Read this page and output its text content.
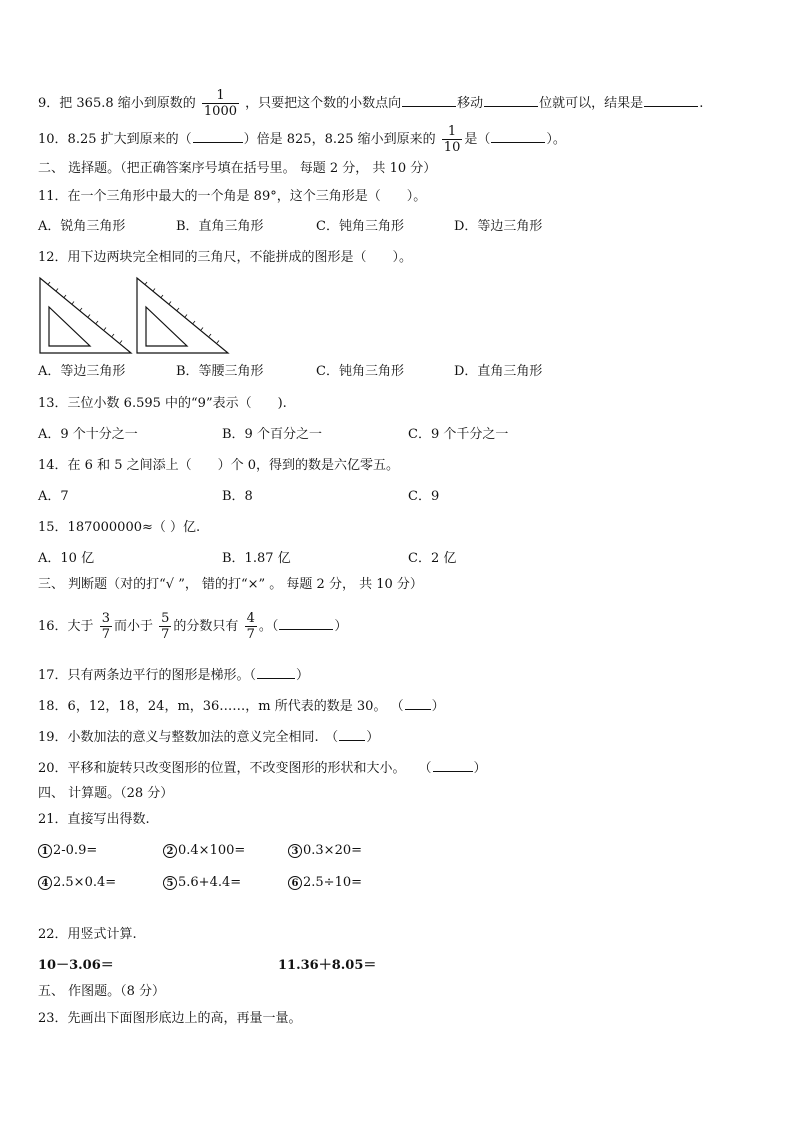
9．把 365.8 缩小到原数的 $\frac{1}{1000}$ ，只要把这个数的小数点向	移动	位就可以，结果是	.
10．8.25 扩大到原来的（	）倍是 825，8.25 缩小到原来的 $\frac{1}{10}$ 是（	）。
二、 选择题。（把正确答案序号填在括号里。 每题 2 分， 共 10 分）
11．在一个三角形中最大的一个角是 89°，这个三角形是（　　）。
A．锐角三角形	B．直角三角形	C．钝角三角形	D．等边三角形
12．用下边两块完全相同的三角尺，不能拼成的图形是（　　）。
A．等边三角形	B．等腰三角形	C．钝角三角形	D．直角三角形
13．三位小数 6.595 中的“9”表示（　　).
A．9 个十分之一	B．9 个百分之一	C．9 个千分之一
14．在 6 和 5 之间添上（　　）个 0，得到的数是六亿零五。
A．7	B．8	C．9
15．187000000≈（ ）亿.
A．10 亿	B．1.87 亿	C．2 亿
三、 判断题（对的打“√ ”， 错的打“×” 。 每题 2 分， 共 10 分）
16．大于 $\frac{3}{7}$ 而小于 $\frac{5}{7}$ 的分数只有 $\frac{4}{7}$ 。（	）
17．只有两条边平行的图形是梯形。（	）
18．6，12，18，24，m，36……，m 所代表的数是 30。 （ ）
19．小数加法的意义与整数加法的意义完全相同.　（ ）
20．平移和旋转只改变图形的位置，不改变图形的形状和大小。　　（	）
四、 计算题。（28 分）
21．直接写出得数.
1 2-0.9=	2 0.4×100=	3 0.3×20=
4 2.5×0.4=	5 5.6+4.4=	6 2.5÷10=
22．用竖式计算.
10－3.06＝	11.36＋8.05＝
五、 作图题。（8 分）
23．先画出下面图形底边上的高，再量一量。
